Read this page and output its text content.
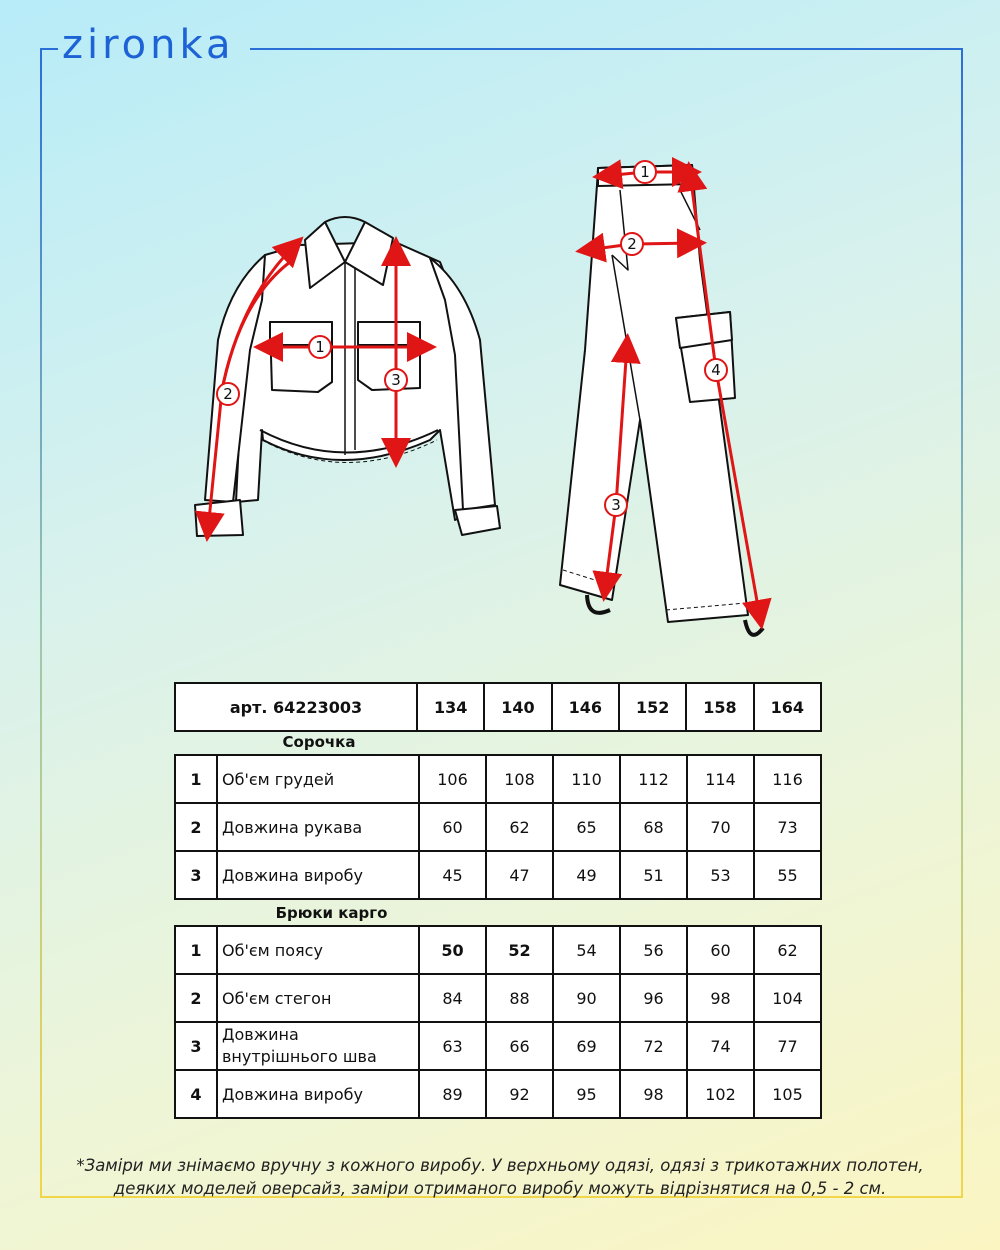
zironka
1
2
3
1
2
3
4
арт. 64223003	134	140	146	152	158	164
Сорочка
1	Об'єм грудей	106	108	110	112	114	116
2	Довжина рукава	60	62	65	68	70	73
3	Довжина виробу	45	47	49	51	53	55
Брюки карго
1	Об'єм поясу	50	52	54	56	60	62
2	Об'єм стегон	84	88	90	96	98	104
3	Довжина внутрішнього шва	63	66	69	72	74	77
4	Довжина виробу	89	92	95	98	102	105
*Заміри ми знімаємо вручну з кожного виробу. У верхньому одязі, одязі з трикотажних полотен,
деяких моделей оверсайз, заміри отриманого виробу можуть відрізнятися на 0,5 - 2 см.
